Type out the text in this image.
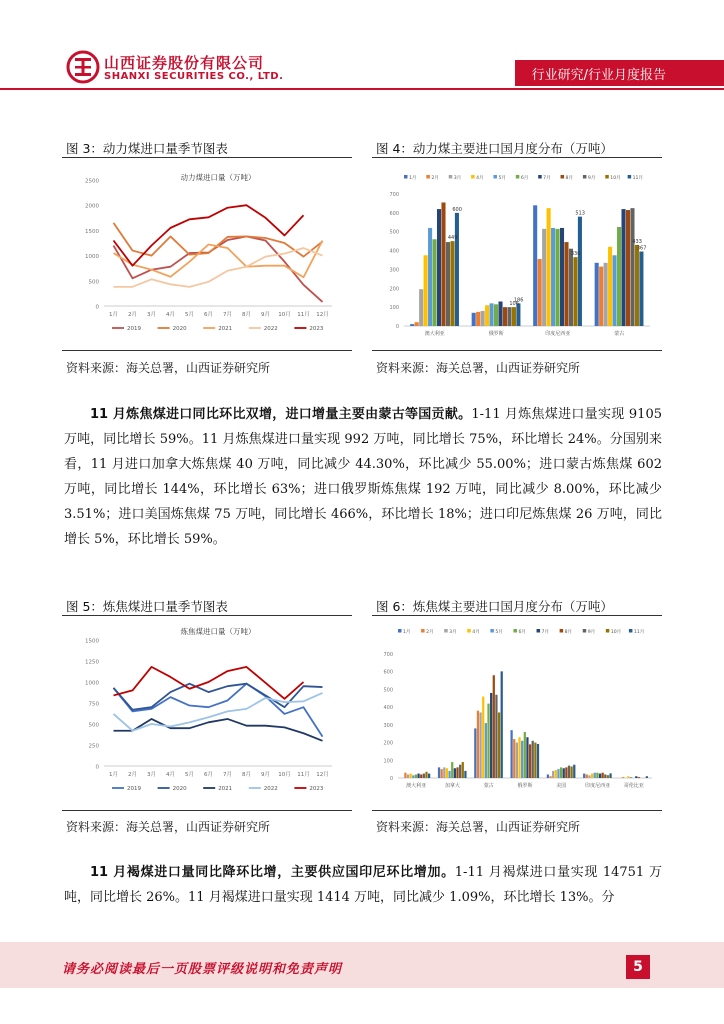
山西证券股份有限公司
SHANXI SECURITIES CO., LTD.	行业研究/行业月度报告
图 3：动力煤进口量季节图表
动力煤进口量（万吨）
2500
2000
1500
1000
500
0
1月 2月 3月 4月 5月 6月 7月 8月 9月 10月 11月 12月
2019	2020	2021	2022	2023
资料来源：海关总署，山西证券研究所
图 4：动力煤主要进口国月度分布（万吨）
1月	2月	3月	4月	5月	6月	7月	8月	9月	10月	11月
700
600
500
400
300
200
100
0
澳大利亚	俄罗斯	印度尼西亚	蒙古
600
449
186
106
513
330
433
367
资料来源：海关总署，山西证券研究所
11 月炼焦煤进口同比环比双增，进口增量主要由蒙古等国贡献。1-11 月炼焦煤进口量实现 9105 万吨，同比增长 59%。11 月炼焦煤进口量实现 992 万吨，同比增长 75%，环比增长 24%。分国别来看，11 月进口加拿大炼焦煤 40 万吨，同比减少 44.30%，环比减少 55.00%；进口蒙古炼焦煤 602 万吨，同比增长 144%，环比增长 63%；进口俄罗斯炼焦煤 192 万吨，同比减少 8.00%，环比减少 3.51%；进口美国炼焦煤 75 万吨，同比增长 466%，环比增长 18%；进口印尼炼焦煤 26 万吨，同比增长 5%，环比增长 59%。
图 5：炼焦煤进口量季节图表
炼焦煤进口量（万吨）
1500
1250
1000
750
500
250
0
1月 2月 3月 4月 5月 6月 7月 8月 9月 10月 11月 12月
2019	2020	2021	2022	2023
资料来源：海关总署，山西证券研究所
图 6：炼焦煤主要进口国月度分布（万吨）
1月	2月	3月	4月	5月	6月	7月	8月	9月	10月	11月
700
600
500
400
300
200
100
0
澳大利亚	加拿大	蒙古	俄罗斯	美国	印度尼西亚	哥伦比亚
资料来源：海关总署，山西证券研究所
11 月褐煤进口量同比降环比增，主要供应国印尼环比增加。1-11 月褐煤进口量实现 14751 万吨，同比增长 26%。11 月褐煤进口量实现 1414 万吨，同比减少 1.09%，环比增长 13%。分
请务必阅读最后一页股票评级说明和免责声明	5
